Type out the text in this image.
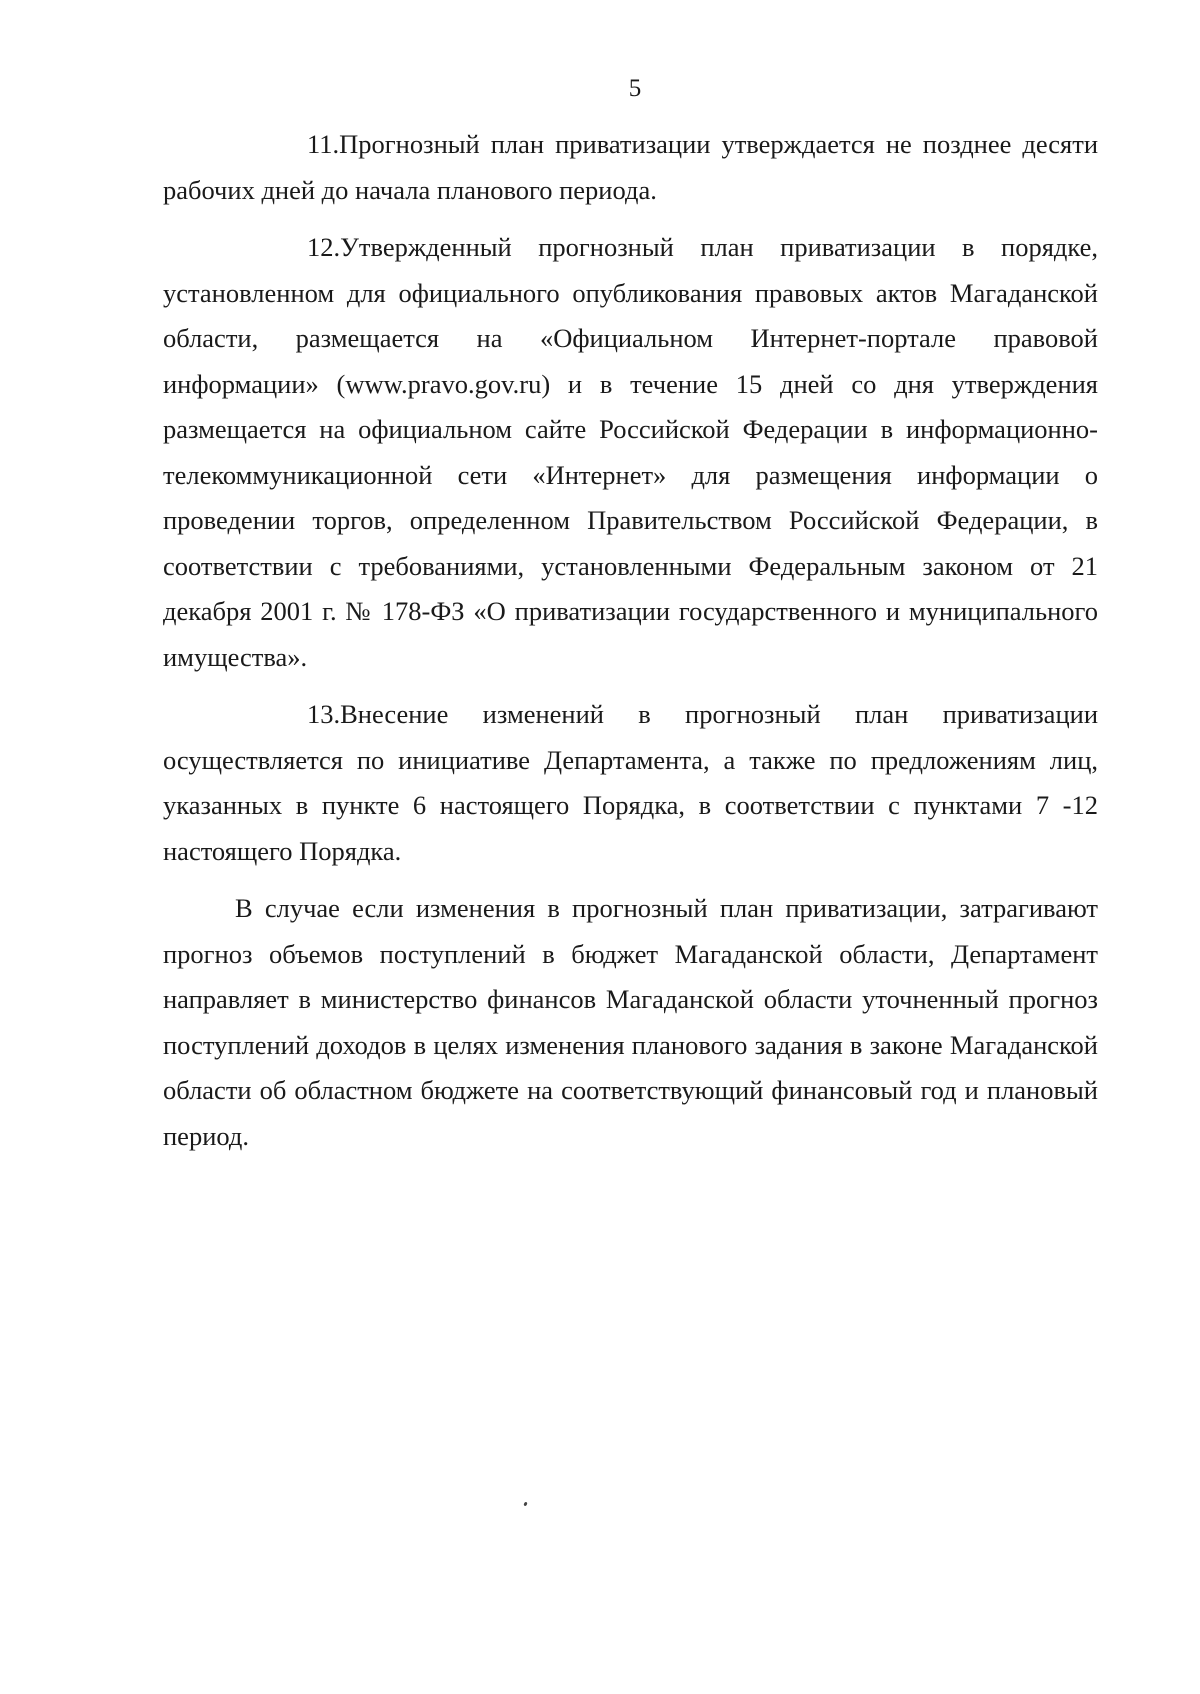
5

11.Прогнозный план приватизации утверждается не позднее десяти рабочих дней до начала планового периода.

12.Утвержденный прогнозный план приватизации в порядке, установленном для официального опубликования правовых актов Магаданской области, размещается на «Официальном Интернет-портале правовой информации» (www.pravo.gov.ru) и в течение 15 дней со дня утверждения размещается на официальном сайте Российской Федерации в информационно-телекоммуникационной сети «Интернет» для размещения информации о проведении торгов, определенном Правительством Российской Федерации, в соответствии с требованиями, установленными Федеральным законом от 21 декабря 2001 г. № 178-ФЗ «О приватизации государственного и муниципального имущества».

13.Внесение изменений в прогнозный план приватизации осуществляется по инициативе Департамента, а также по предложениям лиц, указанных в пункте 6 настоящего Порядка, в соответствии с пунктами 7 -12 настоящего Порядка.

В случае если изменения в прогнозный план приватизации, затрагивают прогноз объемов поступлений в бюджет Магаданской области, Департамент направляет в министерство финансов Магаданской области уточненный прогноз поступлений доходов в целях изменения планового задания в законе Магаданской области об областном бюджете на соответствующий финансовый год и плановый период.
